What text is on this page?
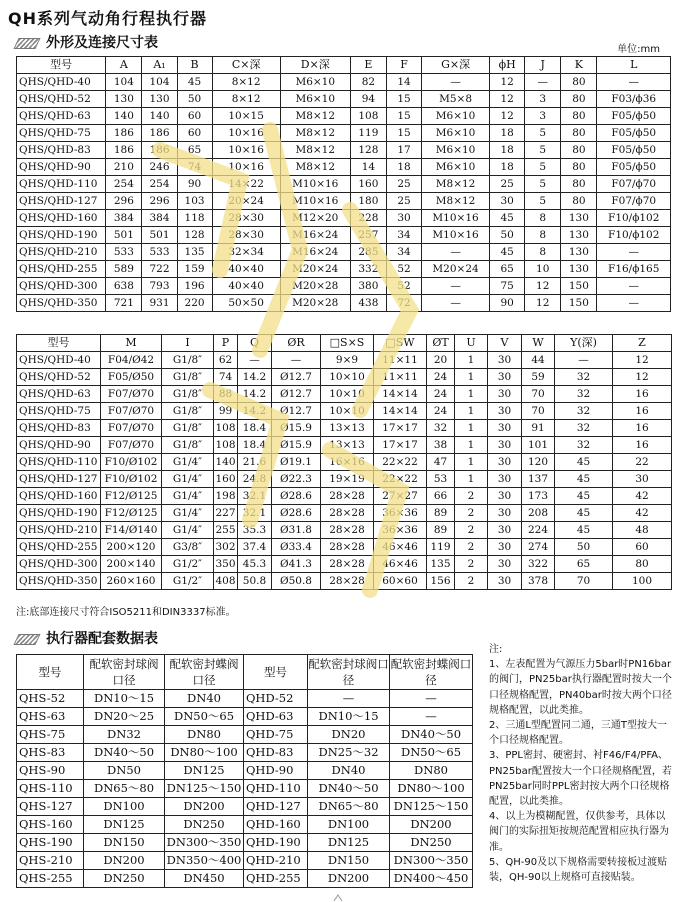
QH系列气动角行程执行器
外形及连接尺寸表	单位:mm
型号	A	A₁	B	C×深	D×深	E	F	G×深	ϕH	J	K	L
QHS/QHD-40	104	104	45	8×12	M6×10	82	14	—	12	—	80	—
QHS/QHD-52	130	130	50	8×12	M6×10	94	15	M5×8	12	3	80	F03/ϕ36
QHS/QHD-63	140	140	60	10×15	M8×12	108	15	M6×10	12	3	80	F05/ϕ50
QHS/QHD-75	186	186	60	10×16	M8×12	119	15	M6×10	18	5	80	F05/ϕ50
QHS/QHD-83	186	186	65	10×16	M8×12	128	17	M6×10	18	5	80	F05/ϕ50
QHS/QHD-90	210	246	74	10×16	M8×12	14	18	M6×10	18	5	80	F05/ϕ50
QHS/QHD-110	254	254	90	14×22	M10×16	160	25	M8×12	25	5	80	F07/ϕ70
QHS/QHD-127	296	296	103	20×24	M10×16	180	25	M8×12	30	5	80	F07/ϕ70
QHS/QHD-160	384	384	118	28×30	M12×20	228	30	M10×16	45	8	130	F10/ϕ102
QHS/QHD-190	501	501	128	28×30	M16×24	257	34	M10×16	50	8	130	F10/ϕ102
QHS/QHD-210	533	533	135	32×34	M16×24	285	34	—	45	8	130	—
QHS/QHD-255	589	722	159	40×40	M20×24	332	52	M20×24	65	10	130	F16/ϕ165
QHS/QHD-300	638	793	196	40×40	M20×28	380	52	—	75	12	150	—
QHS/QHD-350	721	931	220	50×50	M20×28	438	72	—	90	12	150	—
型号	M	I	P	Q	ØR	□S×S	□SW	ØT	U	V	W	Y(深)	Z
QHS/QHD-40	F04/Ø42	G1/8″	62	—	—	9×9	11×11	20	1	30	44	—	12
QHS/QHD-52	F05/Ø50	G1/8″	74	14.2	Ø12.7	10×10	11×11	24	1	30	59	32	12
QHS/QHD-63	F07/Ø70	G1/8″	88	14.2	Ø12.7	10×10	14×14	24	1	30	70	32	16
QHS/QHD-75	F07/Ø70	G1/8″	99	14.2	Ø12.7	10×10	14×14	24	1	30	70	32	16
QHS/QHD-83	F07/Ø70	G1/8″	108	18.4	Ø15.9	13×13	17×17	32	1	30	91	32	16
QHS/QHD-90	F07/Ø70	G1/8″	108	18.4	Ø15.9	13×13	17×17	38	1	30	101	32	16
QHS/QHD-110	F10/Ø102	G1/4″	140	21.6	Ø19.1	16×16	22×22	47	1	30	120	45	22
QHS/QHD-127	F10/Ø102	G1/4″	160	24.8	Ø22.3	19×19	22×22	53	1	30	137	45	30
QHS/QHD-160	F12/Ø125	G1/4″	198	32.1	Ø28.6	28×28	27×27	66	2	30	173	45	42
QHS/QHD-190	F12/Ø125	G1/4″	227	32.1	Ø28.6	28×28	36×36	89	2	30	208	45	42
QHS/QHD-210	F14/Ø140	G1/4″	255	35.3	Ø31.8	28×28	36×36	89	2	30	224	45	48
QHS/QHD-255	200×120	G3/8″	302	37.4	Ø33.4	28×28	46×46	119	2	30	274	50	60
QHS/QHD-300	200×140	G1/2″	350	45.3	Ø41.3	28×28	46×46	135	2	30	322	65	80
QHS/QHD-350	260×160	G1/2″	408	50.8	Ø50.8	28×28	60×60	156	2	30	378	70	100
注:底部连接尺寸符合ISO5211和DIN3337标准。
执行器配套数据表
型号	配软密封球阀口径	配软密封蝶阀口径	型号	配软密封球阀口径	配软密封蝶阀口径
QHS-52	DN10～15	DN40	QHD-52	—	—
QHS-63	DN20～25	DN50～65	QHD-63	DN10～15	—
QHS-75	DN32	DN80	QHD-75	DN20	DN40～50
QHS-83	DN40～50	DN80～100	QHD-83	DN25～32	DN50～65
QHS-90	DN50	DN125	QHD-90	DN40	DN80
QHS-110	DN65～80	DN125～150	QHD-110	DN40～50	DN80～100
QHS-127	DN100	DN200	QHD-127	DN65～80	DN125～150
QHS-160	DN125	DN250	QHD-160	DN100	DN200
QHS-190	DN150	DN300～350	QHD-190	DN125	DN250
QHS-210	DN200	DN350～400	QHD-210	DN150	DN300～350
QHS-255	DN250	DN450	QHD-255	DN200	DN400～450

注:

1、左表配置为气源压力5bar时PN16bar的阀门，PN25bar执行器配置时按大一个口径规格配置，PN40bar时按大两个口径规格配置，以此类推。

2、三通L型配置同二通，三通T型按大一个口径规格配置。

3、PPL密封、硬密封、衬F46/F4/PFA、PN25bar配置按大一个口径规格配置，若PN25bar同时PPL密封按大两个口径规格配置，以此类推。

4、以上为模糊配置，仅供参考，具体以阀门的实际扭矩按规范配置相应执行器为准。

5、QH-90及以下规格需要转接板过渡贴装，QH-90以上规格可直接贴装。
